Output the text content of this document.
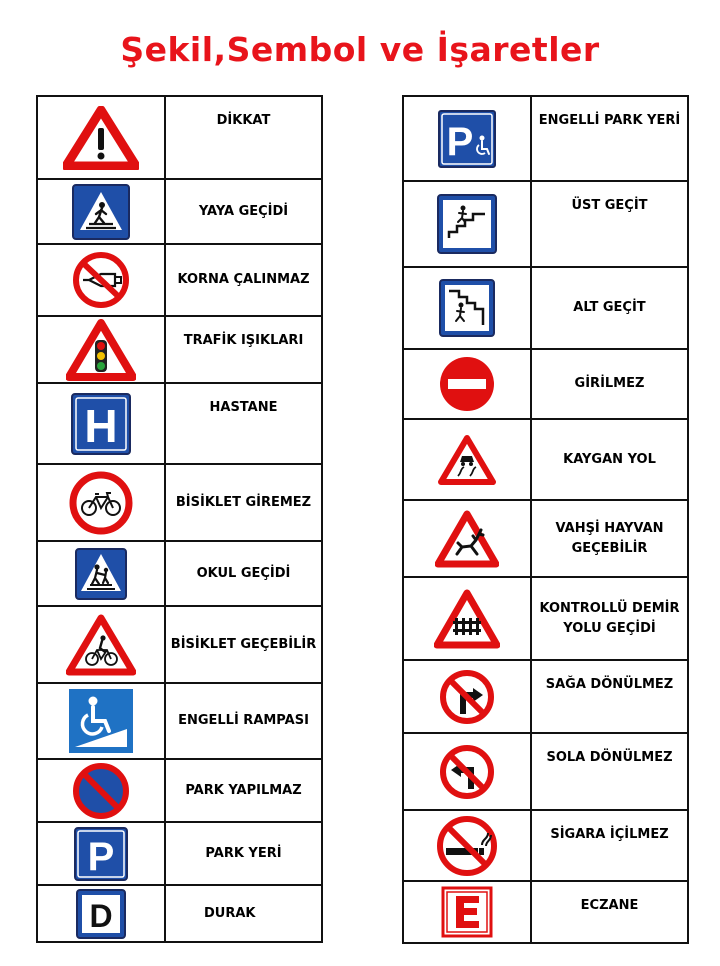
Şekil,Sembol ve İşaretler
	DİKKAT

	YAYA GEÇİDİ

	KORNA ÇALINMAZ

	TRAFİK IŞIKLARI

H	HASTANE

	BİSİKLET GİREMEZ

	OKUL GEÇİDİ

	BİSİKLET GEÇEBİLİR

	ENGELLİ RAMPASI

	PARK YAPILMAZ

P	PARK YERİ

D	DURAK
P	ENGELLİ PARK YERİ

	ÜST GEÇİT

	ALT GEÇİT

	GİRİLMEZ

	KAYGAN YOL

	VAHŞİ HAYVAN GEÇEBİLİR

	KONTROLLÜ DEMİR YOLU GEÇİDİ

	SAĞA DÖNÜLMEZ

	SOLA DÖNÜLMEZ

	SİGARA İÇİLMEZ

	ECZANE
